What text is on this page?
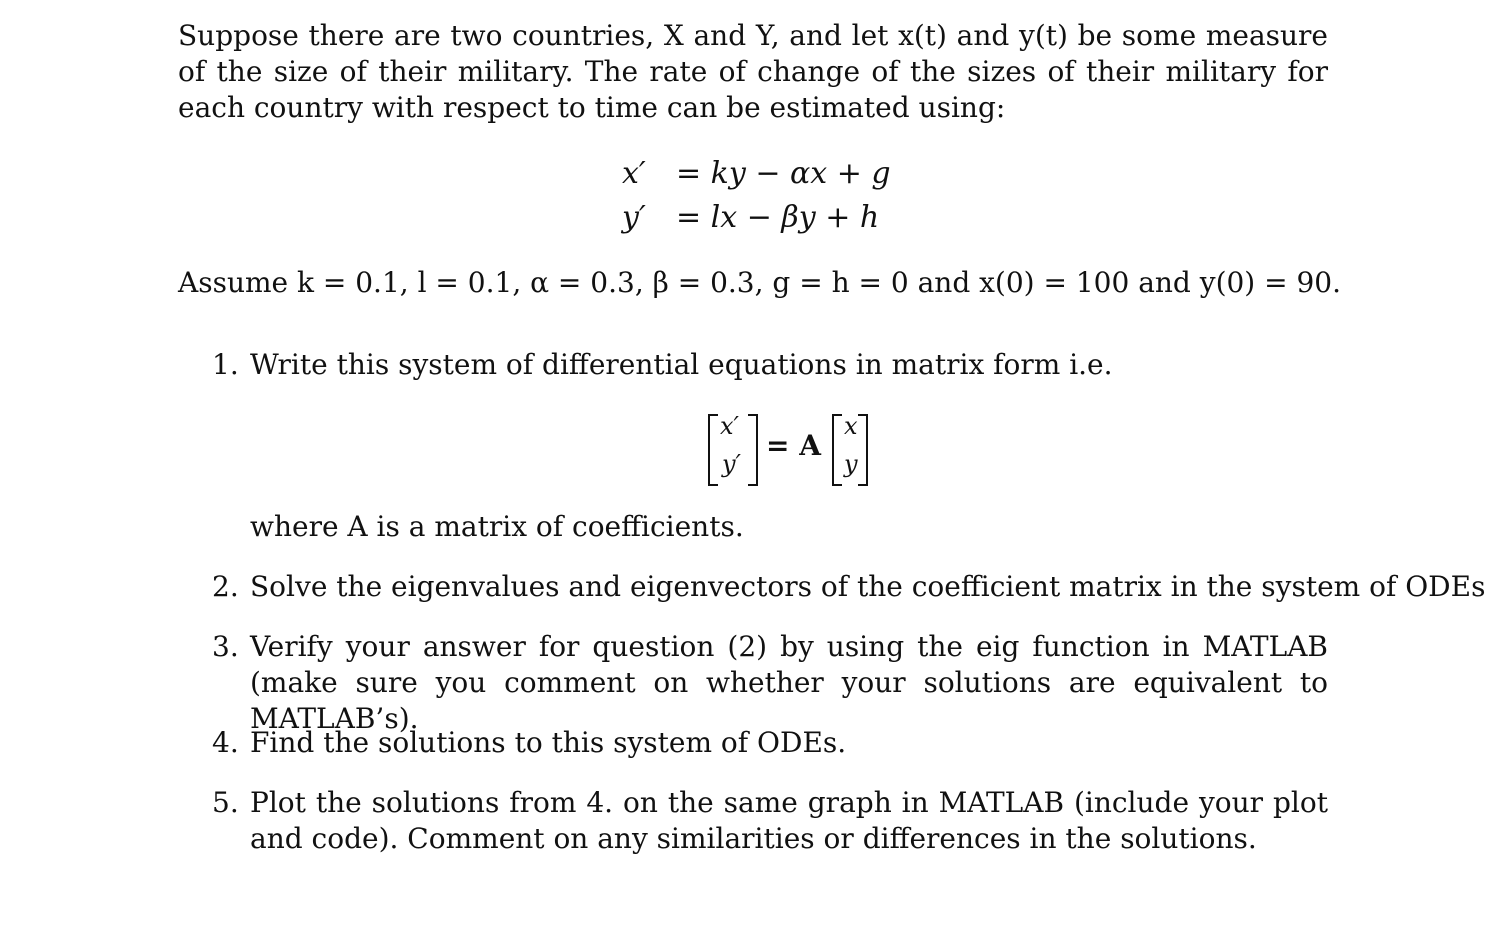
Suppose there are two countries, X and Y, and let x(t) and y(t) be some measure of the size of their military. The rate of change of the sizes of their military for each country with respect to time can be estimated using:
x′ = ky − αx + g
y′ = lx − βy + h
Assume k = 0.1, l = 0.1, α = 0.3, β = 0.3, g = h = 0 and x(0) = 100 and y(0) = 90.
1. Write this system of differential equations in matrix form i.e.
x′
y′
= A
x
y
where A is a matrix of coefficients.
2. Solve the eigenvalues and eigenvectors of the coefficient matrix in the system of ODEs
3. Verify your answer for question (2) by using the eig function in MATLAB (make sure you comment on whether your solutions are equivalent to MATLAB’s).
4. Find the solutions to this system of ODEs.
5. Plot the solutions from 4. on the same graph in MATLAB (include your plot and code). Comment on any similarities or differences in the solutions.
